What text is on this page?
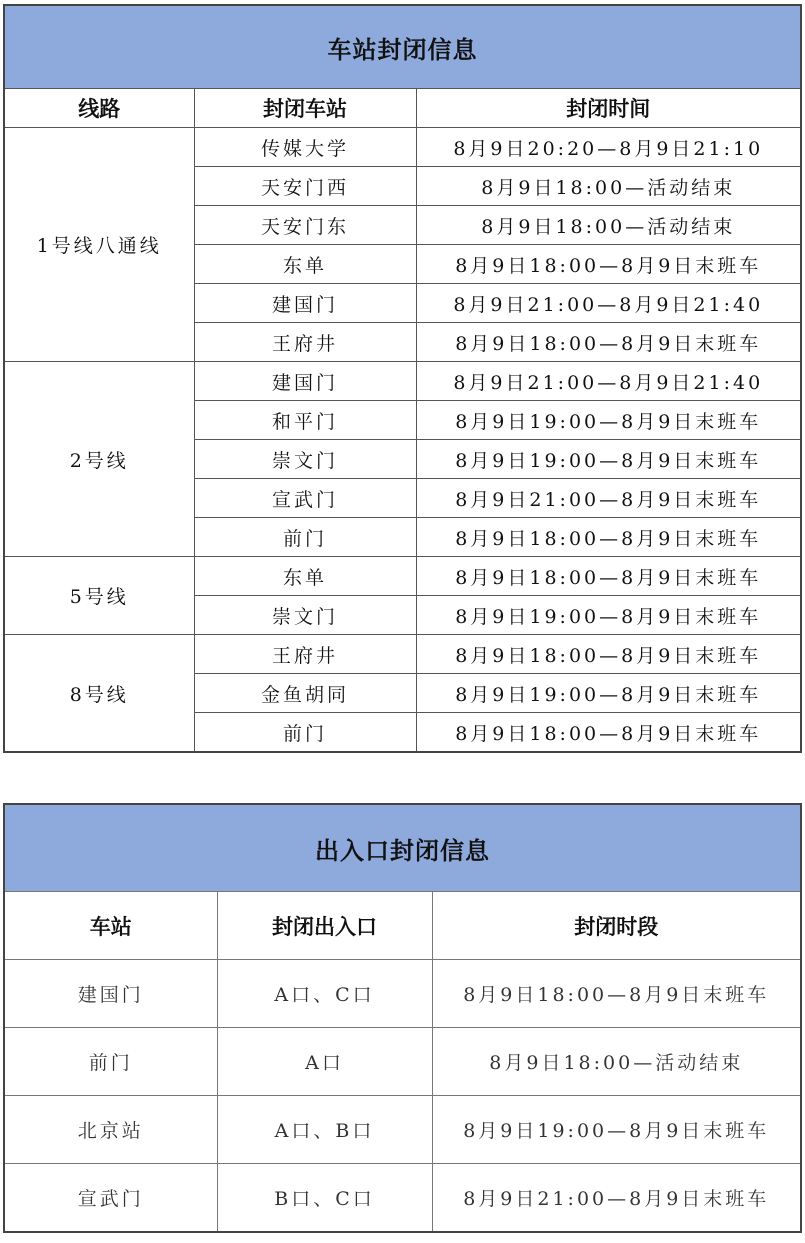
车站封闭信息		
线路	封闭车站	封闭时间
1号线八通线	传媒大学	8月9日20:20—8月9日21:10
	天安门西	8月9日18:00—活动结束
	天安门东	8月9日18:00—活动结束
	东单	8月9日18:00—8月9日末班车
	建国门	8月9日21:00—8月9日21:40
	王府井	8月9日18:00—8月9日末班车
2号线	建国门	8月9日21:00—8月9日21:40
	和平门	8月9日19:00—8月9日末班车
	崇文门	8月9日19:00—8月9日末班车
	宣武门	8月9日21:00—8月9日末班车
	前门	8月9日18:00—8月9日末班车
5号线	东单	8月9日18:00—8月9日末班车
	崇文门	8月9日19:00—8月9日末班车
8号线	王府井	8月9日18:00—8月9日末班车
	金鱼胡同	8月9日19:00—8月9日末班车
	前门	8月9日18:00—8月9日末班车
出入口封闭信息		
车站	封闭出入口	封闭时段
建国门	A口、C口	8月9日18:00—8月9日末班车
前门	A口	8月9日18:00—活动结束
北京站	A口、B口	8月9日19:00—8月9日末班车
宣武门	B口、C口	8月9日21:00—8月9日末班车
